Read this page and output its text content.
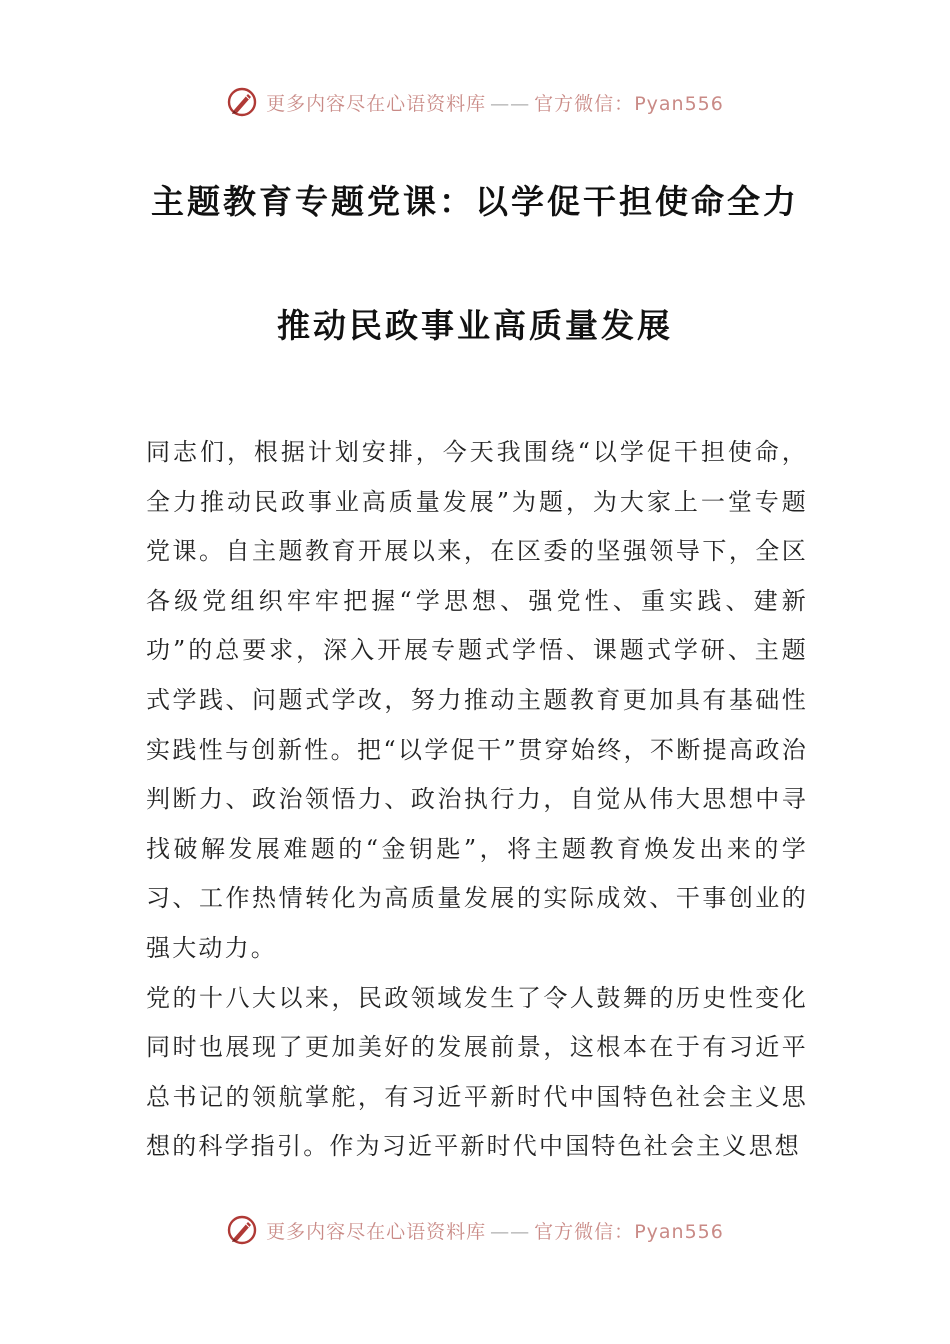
更多内容尽在心语资料库 —— 官方微信：Pyan556
主题教育专题党课：以学促干担使命全力
推动民政事业高质量发展

同志们，根据计划安排，今天我围绕“以学促干担使命，全力推动民政事业高质量发展”为题，为大家上一堂专题党课。自主题教育开展以来，在区委的坚强领导下，全区各级党组织牢牢把握“学思想、强党性、重实践、建新功”的总要求，深入开展专题式学悟、课题式学研、主题式学践、问题式学改，努力推动主题教育更加具有基础性实践性与创新性。把“以学促干”贯穿始终，不断提高政治判断力、政治领悟力、政治执行力，自觉从伟大思想中寻找破解发展难题的“金钥匙”，将主题教育焕发出来的学习、工作热情转化为高质量发展的实际成效、干事创业的强大动力。

党的十八大以来，民政领域发生了令人鼓舞的历史性变化同时也展现了更加美好的发展前景，这根本在于有习近平总书记的领航掌舵，有习近平新时代中国特色社会主义思想的科学指引。作为习近平新时代中国特色社会主义思想

更多内容尽在心语资料库 —— 官方微信：Pyan556
